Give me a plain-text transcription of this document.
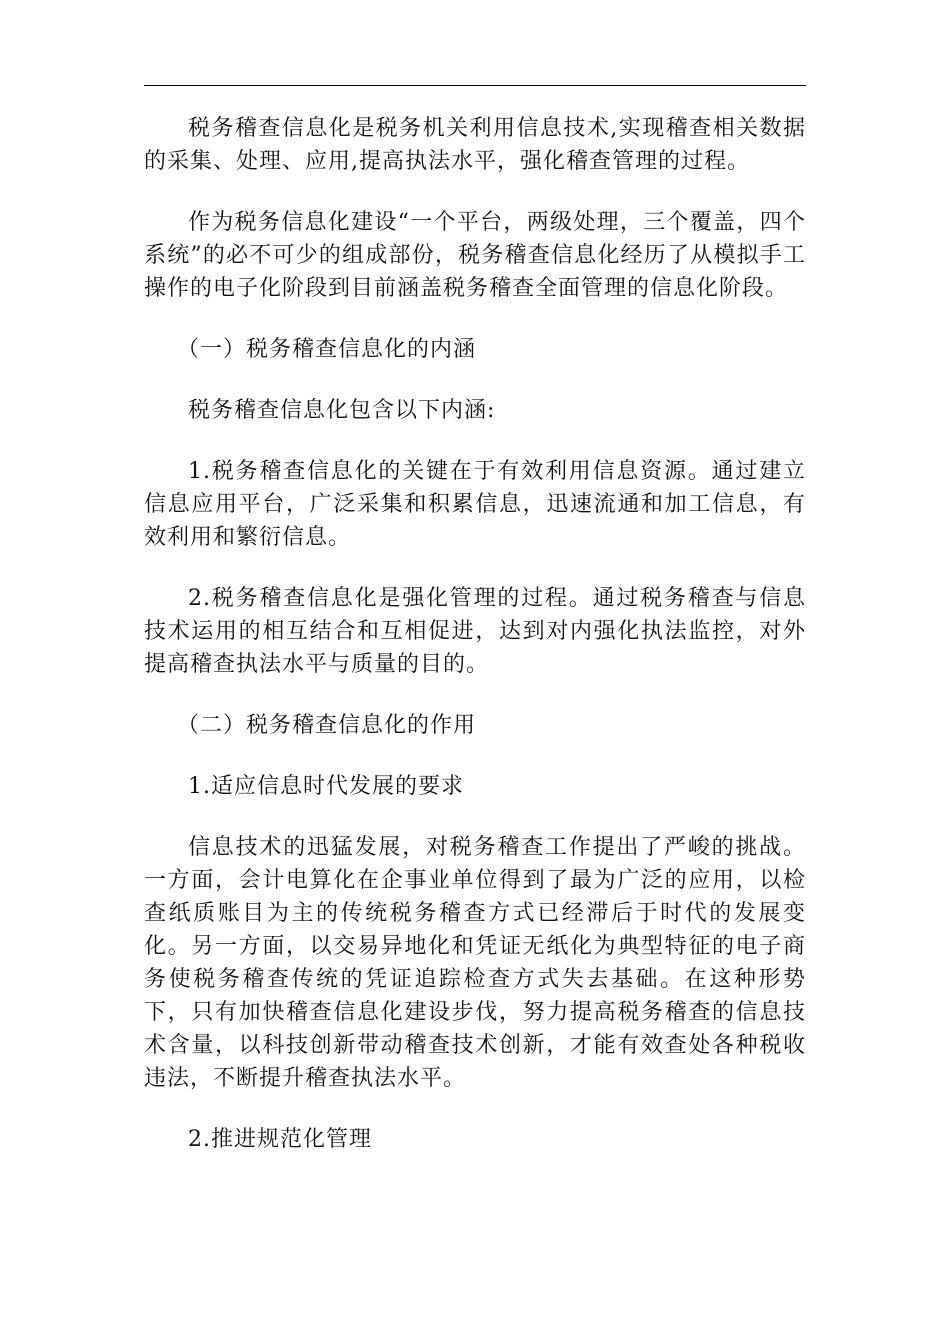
税务稽查信息化是税务机关利用信息技术,实现稽查相关数据的采集、处理、应用,提高执法水平，强化稽查管理的过程。

作为税务信息化建设“一个平台，两级处理，三个覆盖，四个系统”的必不可少的组成部份，税务稽查信息化经历了从模拟手工操作的电子化阶段到目前涵盖税务稽查全面管理的信息化阶段。

（一）税务稽查信息化的内涵

税务稽查信息化包含以下内涵:

1.税务稽查信息化的关键在于有效利用信息资源。通过建立信息应用平台，广泛采集和积累信息，迅速流通和加工信息，有效利用和繁衍信息。

2.税务稽查信息化是强化管理的过程。通过税务稽查与信息技术运用的相互结合和互相促进，达到对内强化执法监控，对外提高稽查执法水平与质量的目的。

（二）税务稽查信息化的作用

1.适应信息时代发展的要求

信息技术的迅猛发展，对税务稽查工作提出了严峻的挑战。一方面，会计电算化在企事业单位得到了最为广泛的应用，以检查纸质账目为主的传统税务稽查方式已经滞后于时代的发展变化。另一方面，以交易异地化和凭证无纸化为典型特征的电子商务使税务稽查传统的凭证追踪检查方式失去基础。在这种形势下，只有加快稽查信息化建设步伐，努力提高税务稽查的信息技术含量，以科技创新带动稽查技术创新，才能有效查处各种税收违法，不断提升稽查执法水平。

2.推进规范化管理
